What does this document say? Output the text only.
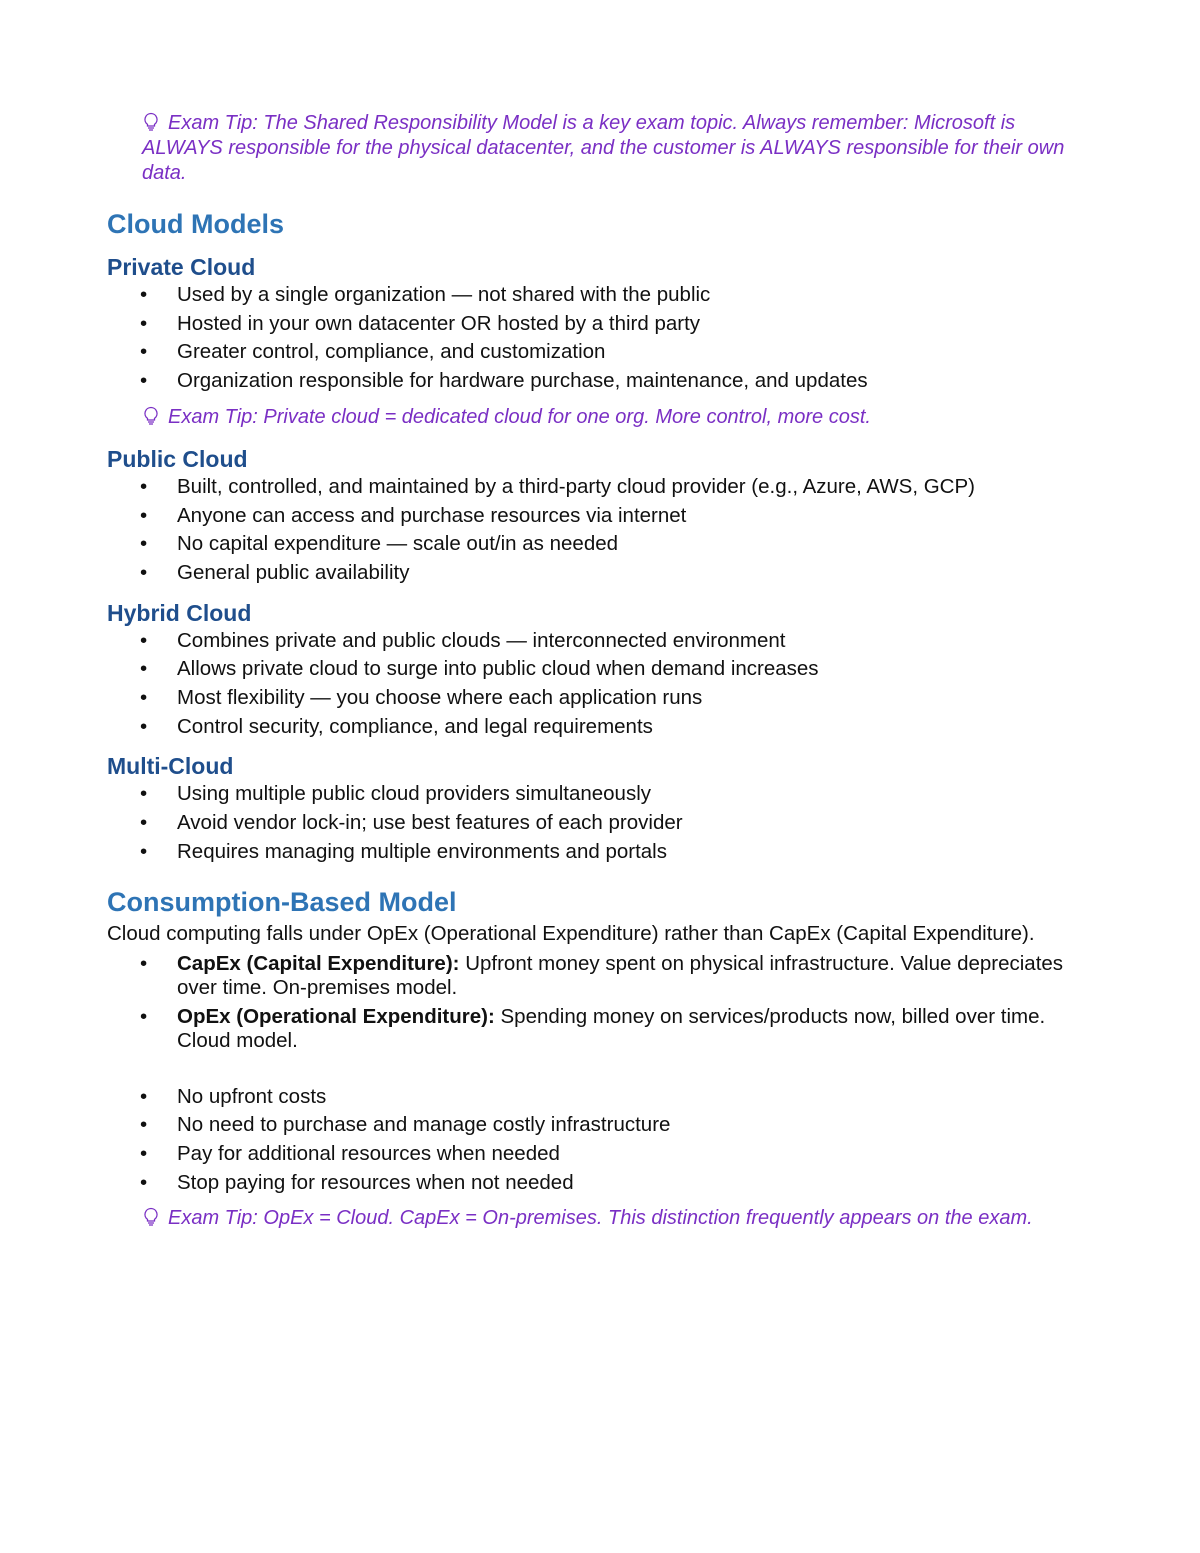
Exam Tip: The Shared Responsibility Model is a key exam topic. Always remember: Microsoft is ALWAYS responsible for the physical datacenter, and the customer is ALWAYS responsible for their own data.

Cloud Models
Private Cloud
• Used by a single organization — not shared with the public
• Hosted in your own datacenter OR hosted by a third party
• Greater control, compliance, and customization
• Organization responsible for hardware purchase, maintenance, and updates

Exam Tip: Private cloud = dedicated cloud for one org. More control, more cost.

Public Cloud
• Built, controlled, and maintained by a third-party cloud provider (e.g., Azure, AWS, GCP)
• Anyone can access and purchase resources via internet
• No capital expenditure — scale out/in as needed
• General public availability
Hybrid Cloud
• Combines private and public clouds — interconnected environment
• Allows private cloud to surge into public cloud when demand increases
• Most flexibility — you choose where each application runs
• Control security, compliance, and legal requirements
Multi-Cloud
• Using multiple public cloud providers simultaneously
• Avoid vendor lock-in; use best features of each provider
• Requires managing multiple environments and portals
Consumption-Based Model

Cloud computing falls under OpEx (Operational Expenditure) rather than CapEx (Capital Expenditure).

• CapEx (Capital Expenditure): Upfront money spent on physical infrastructure. Value depreciates over time. On-premises model.
• OpEx (Operational Expenditure): Spending money on services/products now, billed over time. Cloud model.
• No upfront costs
• No need to purchase and manage costly infrastructure
• Pay for additional resources when needed
• Stop paying for resources when not needed

Exam Tip: OpEx = Cloud. CapEx = On-premises. This distinction frequently appears on the exam.
